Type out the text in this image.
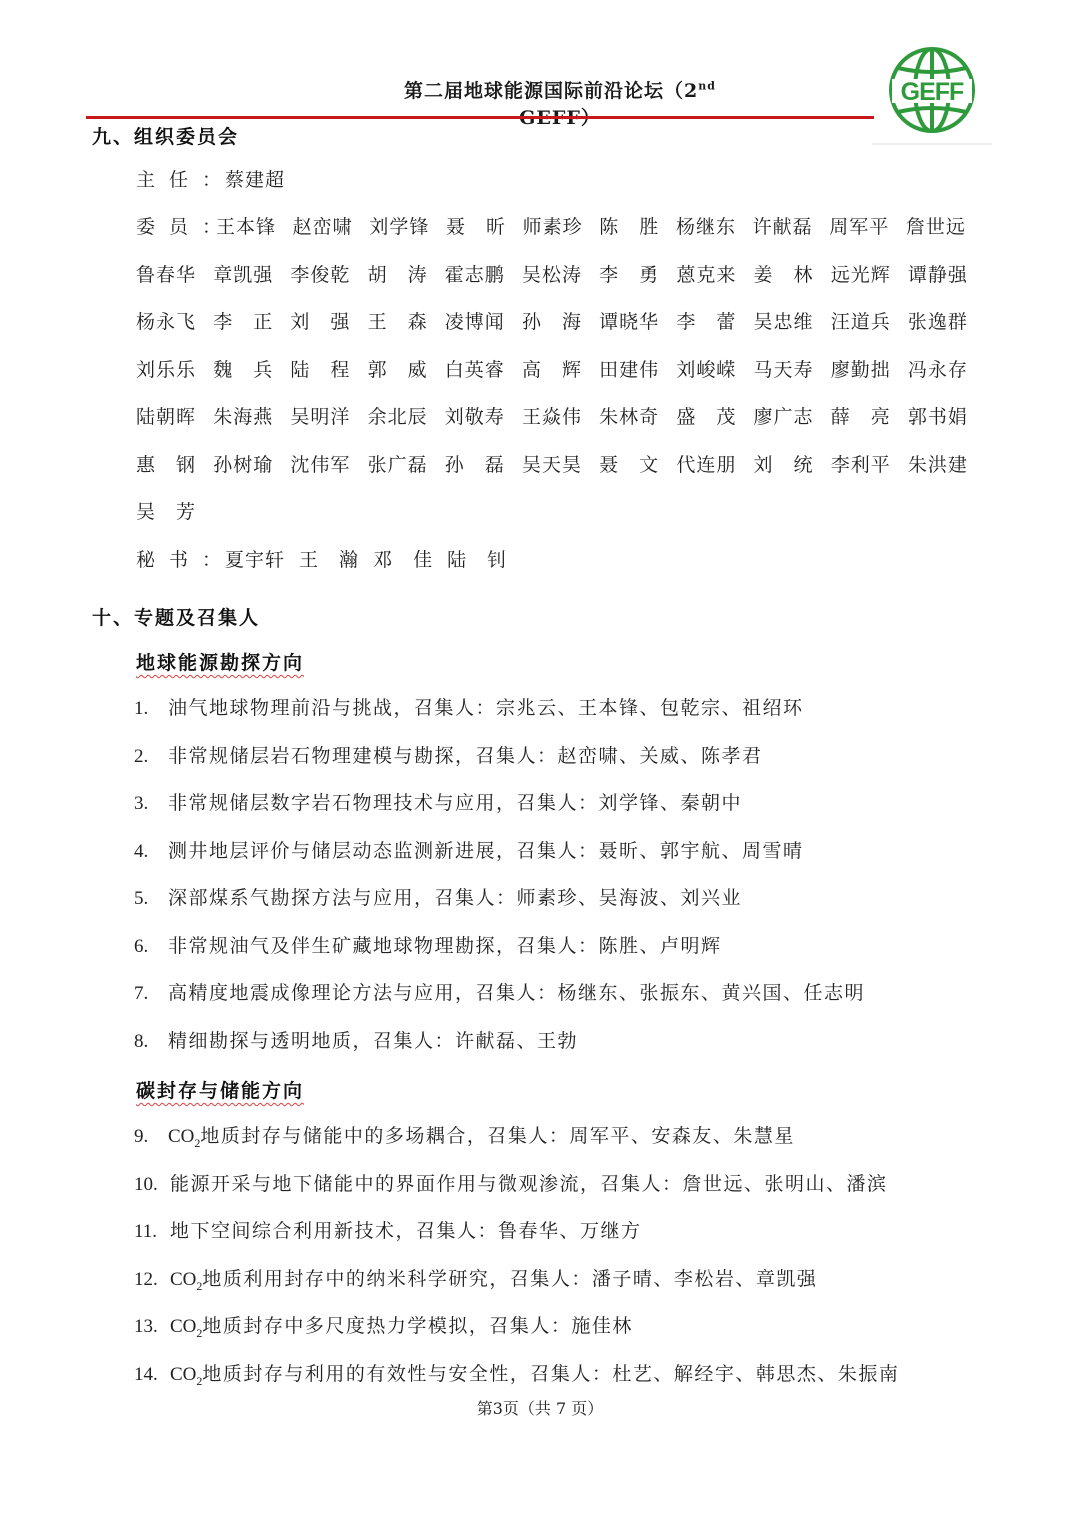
第二届地球能源国际前沿论坛（2nd	GEFF
九、组织委员会
主任： 蔡建超
委员：
王本锋 赵峦啸 刘学锋 聂　昕 师素珍 陈　胜 杨继东 许献磊 周军平 詹世远
鲁春华 章凯强 李俊乾 胡　涛 霍志鹏 吴松涛 李　勇 蒽克来 姜　林 远光辉 谭静强
杨永飞 李　正 刘　强 王　森 凌博闻 孙　海 谭晓华 李　蕾 吴忠维 汪道兵 张逸群
刘乐乐 魏　兵 陆　程 郭　威 白英睿 高　辉 田建伟 刘峻嵘 马天寿 廖勤拙 冯永存
陆朝晖 朱海燕 吴明洋 余北辰 刘敬寿 王焱伟 朱林奇 盛　茂 廖广志 薛　亮 郭书娟
惠　钢 孙树瑜 沈伟军 张广磊 孙　磊 吴天昊 聂　文 代连朋 刘　统 李利平 朱洪建
吴　芳
秘书： 夏宇轩 王　瀚 邓　佳 陆　钊
十、专题及召集人
地球能源勘探方向
1. 油气地球物理前沿与挑战，召集人：宗兆云、王本锋、包乾宗、祖绍环
2. 非常规储层岩石物理建模与勘探，召集人：赵峦啸、关威、陈孝君
3. 非常规储层数字岩石物理技术与应用，召集人：刘学锋、秦朝中
4. 测井地层评价与储层动态监测新进展，召集人：聂昕、郭宇航、周雪晴
5. 深部煤系气勘探方法与应用，召集人：师素珍、吴海波、刘兴业
6. 非常规油气及伴生矿藏地球物理勘探，召集人：陈胜、卢明辉
7. 高精度地震成像理论方法与应用，召集人：杨继东、张振东、黄兴国、任志明
8. 精细勘探与透明地质，召集人：许献磊、王勃
碳封存与储能方向
9. $CO_2$地质封存与储能中的多场耦合，召集人：周军平、安森友、朱慧星
10. 能源开采与地下储能中的界面作用与微观渗流，召集人：詹世远、张明山、潘滨
11. 地下空间综合利用新技术，召集人：鲁春华、万继方
12. $CO_2$地质利用封存中的纳米科学研究，召集人：潘子晴、李松岩、章凯强
13. $CO_2$地质封存中多尺度热力学模拟，召集人：施佳林
14. $CO_2$地质封存与利用的有效性与安全性，召集人：杜艺、解经宇、韩思杰、朱振南
第3页（共 7 页）
